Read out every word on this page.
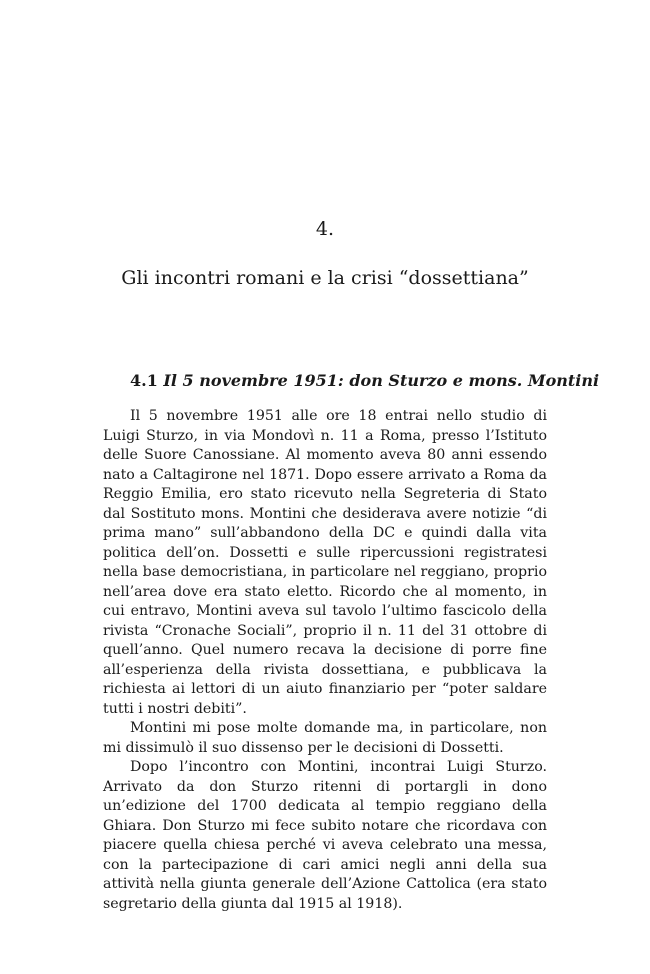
4.
Gli incontri romani e la crisi “dossettiana”
4.1 Il 5 novembre 1951: don Sturzo e mons. Montini

Il 5 novembre 1951 alle ore 18 entrai nello studio di Luigi Sturzo, in via Mondovì n. 11 a Roma, presso l’Istituto delle Suore Canossiane. Al momento aveva 80 anni essendo nato a Caltagirone nel 1871. Dopo essere arrivato a Roma da Reggio Emilia, ero stato ricevuto nella Segreteria di Stato dal Sostituto mons. Montini che desiderava avere notizie “di prima mano” sull’abbandono della DC e quindi dalla vita politica dell’on. Dossetti e sulle ripercussioni registratesi nella base democristiana, in particolare nel reggiano, proprio nell’area dove era stato eletto. Ricordo che al momento, in cui entravo, Montini aveva sul tavolo l’ultimo fascicolo della rivista “Cronache Sociali”, proprio il n. 11 del 31 ottobre di quell’anno. Quel numero recava la decisione di porre fine all’esperienza della rivista dossettiana, e pubblicava la richiesta ai lettori di un aiuto finanziario per “poter saldare tutti i nostri debiti”.

Montini mi pose molte domande ma, in particolare, non mi dissimulò il suo dissenso per le decisioni di Dossetti.

Dopo l’incontro con Montini, incontrai Luigi Sturzo. Arrivato da don Sturzo ritenni di portargli in dono un’edizione del 1700 dedicata al tempio reggiano della Ghiara. Don Sturzo mi fece subito notare che ricordava con piacere quella chiesa perché vi aveva celebrato una messa, con la partecipazione di cari amici negli anni della sua attività nella giunta generale dell’Azione Cattolica (era stato segretario della giunta dal 1915 al 1918).
